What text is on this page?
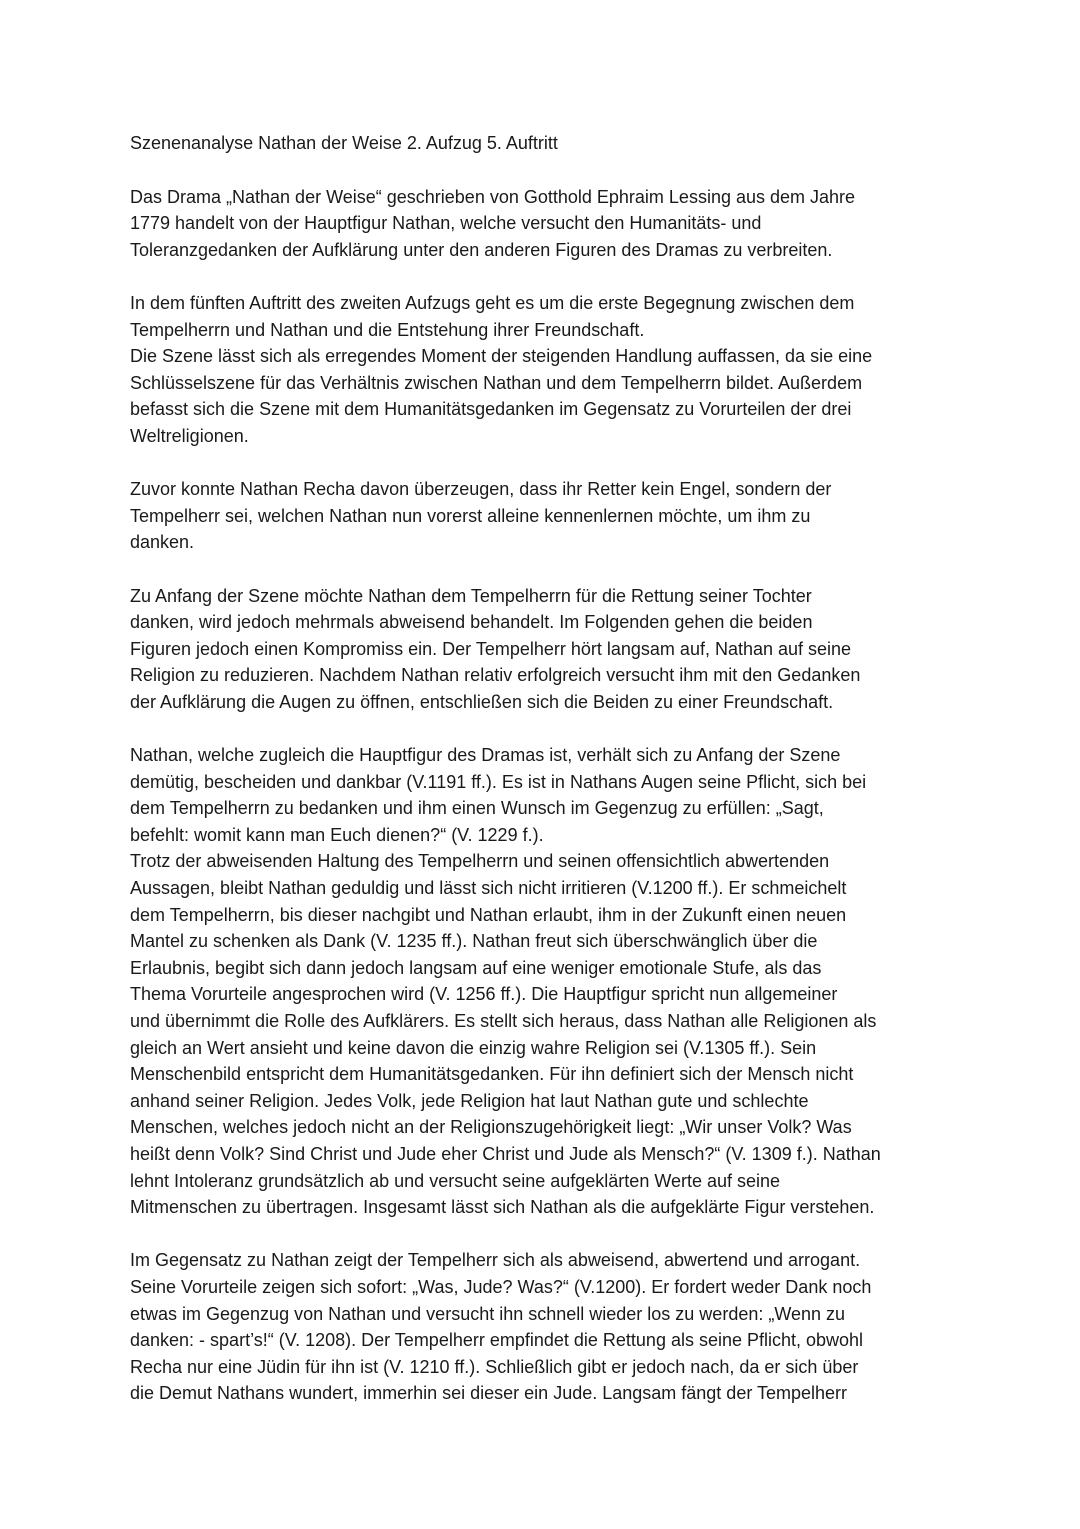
Szenenanalyse Nathan der Weise 2. Aufzug 5. Auftritt
Das Drama „Nathan der Weise“ geschrieben von Gotthold Ephraim Lessing aus dem Jahre
1779 handelt von der Hauptfigur Nathan, welche versucht den Humanitäts- und
Toleranzgedanken der Aufklärung unter den anderen Figuren des Dramas zu verbreiten.
In dem fünften Auftritt des zweiten Aufzugs geht es um die erste Begegnung zwischen dem
Tempelherrn und Nathan und die Entstehung ihrer Freundschaft.
Die Szene lässt sich als erregendes Moment der steigenden Handlung auffassen, da sie eine
Schlüsselszene für das Verhältnis zwischen Nathan und dem Tempelherrn bildet. Außerdem
befasst sich die Szene mit dem Humanitätsgedanken im Gegensatz zu Vorurteilen der drei
Weltreligionen.
Zuvor konnte Nathan Recha davon überzeugen, dass ihr Retter kein Engel, sondern der
Tempelherr sei, welchen Nathan nun vorerst alleine kennenlernen möchte, um ihm zu
danken.
Zu Anfang der Szene möchte Nathan dem Tempelherrn für die Rettung seiner Tochter
danken, wird jedoch mehrmals abweisend behandelt. Im Folgenden gehen die beiden
Figuren jedoch einen Kompromiss ein. Der Tempelherr hört langsam auf, Nathan auf seine
Religion zu reduzieren. Nachdem Nathan relativ erfolgreich versucht ihm mit den Gedanken
der Aufklärung die Augen zu öffnen, entschließen sich die Beiden zu einer Freundschaft.
Nathan, welche zugleich die Hauptfigur des Dramas ist, verhält sich zu Anfang der Szene
demütig, bescheiden und dankbar (V.1191 ff.). Es ist in Nathans Augen seine Pflicht, sich bei
dem Tempelherrn zu bedanken und ihm einen Wunsch im Gegenzug zu erfüllen: „Sagt,
befehlt: womit kann man Euch dienen?“ (V. 1229 f.).
Trotz der abweisenden Haltung des Tempelherrn und seinen offensichtlich abwertenden
Aussagen, bleibt Nathan geduldig und lässt sich nicht irritieren (V.1200 ff.). Er schmeichelt
dem Tempelherrn, bis dieser nachgibt und Nathan erlaubt, ihm in der Zukunft einen neuen
Mantel zu schenken als Dank (V. 1235 ff.). Nathan freut sich überschwänglich über die
Erlaubnis, begibt sich dann jedoch langsam auf eine weniger emotionale Stufe, als das
Thema Vorurteile angesprochen wird (V. 1256 ff.). Die Hauptfigur spricht nun allgemeiner
und übernimmt die Rolle des Aufklärers. Es stellt sich heraus, dass Nathan alle Religionen als
gleich an Wert ansieht und keine davon die einzig wahre Religion sei (V.1305 ff.). Sein
Menschenbild entspricht dem Humanitätsgedanken. Für ihn definiert sich der Mensch nicht
anhand seiner Religion. Jedes Volk, jede Religion hat laut Nathan gute und schlechte
Menschen, welches jedoch nicht an der Religionszugehörigkeit liegt: „Wir unser Volk? Was
heißt denn Volk? Sind Christ und Jude eher Christ und Jude als Mensch?“ (V. 1309 f.). Nathan
lehnt Intoleranz grundsätzlich ab und versucht seine aufgeklärten Werte auf seine
Mitmenschen zu übertragen. Insgesamt lässt sich Nathan als die aufgeklärte Figur verstehen.
Im Gegensatz zu Nathan zeigt der Tempelherr sich als abweisend, abwertend und arrogant.
Seine Vorurteile zeigen sich sofort: „Was, Jude? Was?“ (V.1200). Er fordert weder Dank noch
etwas im Gegenzug von Nathan und versucht ihn schnell wieder los zu werden: „Wenn zu
danken: - spart’s!“ (V. 1208). Der Tempelherr empfindet die Rettung als seine Pflicht, obwohl
Recha nur eine Jüdin für ihn ist (V. 1210 ff.). Schließlich gibt er jedoch nach, da er sich über
die Demut Nathans wundert, immerhin sei dieser ein Jude. Langsam fängt der Tempelherr
